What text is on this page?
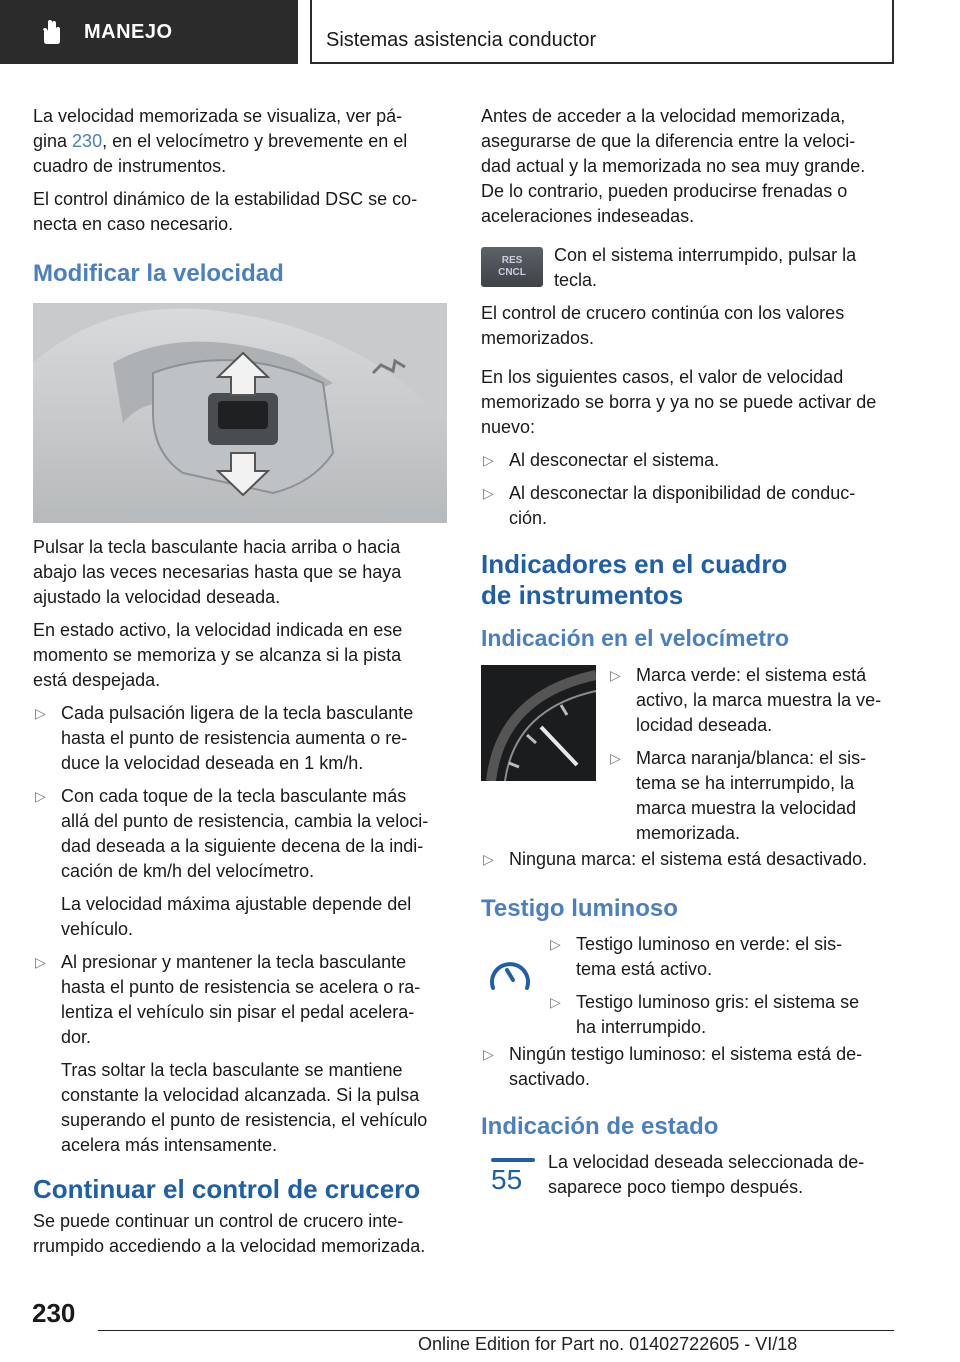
MANEJO	Sistemas asistencia conductor

La velocidad memorizada se visualiza, ver pá-
gina 230, en el velocímetro y brevemente en el
cuadro de instrumentos.

El control dinámico de la estabilidad DSC se co-
necta en caso necesario.

Modificar la velocidad

Pulsar la tecla basculante hacia arriba o hacia
abajo las veces necesarias hasta que se haya
ajustado la velocidad deseada.

En estado activo, la velocidad indicada en ese
momento se memoriza y se alcanza si la pista
está despejada.

▷ Cada pulsación ligera de la tecla basculante
hasta el punto de resistencia aumenta o re-
duce la velocidad deseada en 1 km/h.
▷ Con cada toque de la tecla basculante más
allá del punto de resistencia, cambia la veloci-
dad deseada a la siguiente decena de la indi-
cación de km/h del velocímetro.
La velocidad máxima ajustable depende del
vehículo.
▷ Al presionar y mantener la tecla basculante
hasta el punto de resistencia se acelera o ra-
lentiza el vehículo sin pisar el pedal acelera-
dor.
Tras soltar la tecla basculante se mantiene
constante la velocidad alcanzada. Si la pulsa
superando el punto de resistencia, el vehículo
acelera más intensamente.
Continuar el control de crucero

Se puede continuar un control de crucero inte-
rrumpido accediendo a la velocidad memorizada.

Antes de acceder a la velocidad memorizada,
asegurarse de que la diferencia entre la veloci-
dad actual y la memorizada no sea muy grande.
De lo contrario, pueden producirse frenadas o
aceleraciones indeseadas.

RES
CNCL

Con el sistema interrumpido, pulsar la
tecla.

El control de crucero continúa con los valores
memorizados.

En los siguientes casos, el valor de velocidad
memorizado se borra y ya no se puede activar de
nuevo:

▷ Al desconectar el sistema.
▷ Al desconectar la disponibilidad de conduc-
ción.
Indicadores en el cuadro
de instrumentos
Indicación en el velocímetro
▷ Marca verde: el sistema está
activo, la marca muestra la ve-
locidad deseada.
▷ Marca naranja/blanca: el sis-
tema se ha interrumpido, la
marca muestra la velocidad
memorizada.
▷ Ninguna marca: el sistema está desactivado.
Testigo luminoso
▷ Testigo luminoso en verde: el sis-
tema está activo.
▷ Testigo luminoso gris: el sistema se
ha interrumpido.
▷ Ningún testigo luminoso: el sistema está de-
sactivado.
Indicación de estado
55

La velocidad deseada seleccionada de-
saparece poco tiempo después.

230
Online Edition for Part no. 01402722605 - VI/18
